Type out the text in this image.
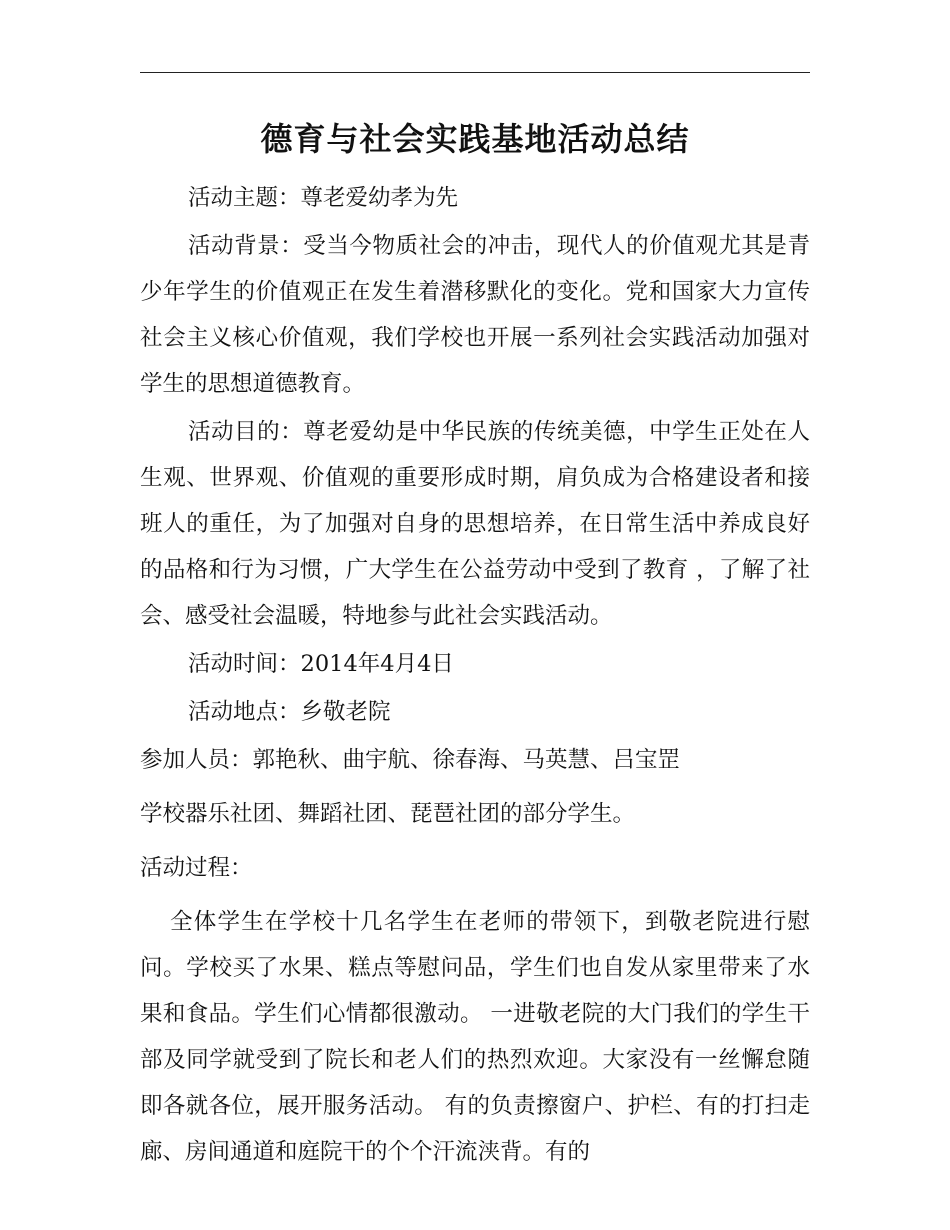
德育与社会实践基地活动总结

活动主题：尊老爱幼孝为先

活动背景：受当今物质社会的冲击，现代人的价值观尤其是青少年学生的价值观正在发生着潜移默化的变化。党和国家大力宣传社会主义核心价值观，我们学校也开展一系列社会实践活动加强对学生的思想道德教育。

活动目的：尊老爱幼是中华民族的传统美德，中学生正处在人生观、世界观、价值观的重要形成时期，肩负成为合格建设者和接班人的重任，为了加强对自身的思想培养，在日常生活中养成良好的品格和行为习惯，广大学生在公益劳动中受到了教育 ，了解了社会、感受社会温暖，特地参与此社会实践活动。

活动时间：2014年4月4日

活动地点：乡敬老院

参加人员：郭艳秋、曲宇航、徐春海、马英慧、吕宝罡

学校器乐社团、舞蹈社团、琵琶社团的部分学生。

活动过程：

全体学生在学校十几名学生在老师的带领下，到敬老院进行慰问。学校买了水果、糕点等慰问品，学生们也自发从家里带来了水果和食品。学生们心情都很激动。 一进敬老院的大门我们的学生干部及同学就受到了院长和老人们的热烈欢迎。大家没有一丝懈怠随即各就各位，展开服务活动。 有的负责擦窗户、护栏、有的打扫走廊、房间通道和庭院干的个个汗流浃背。有的
